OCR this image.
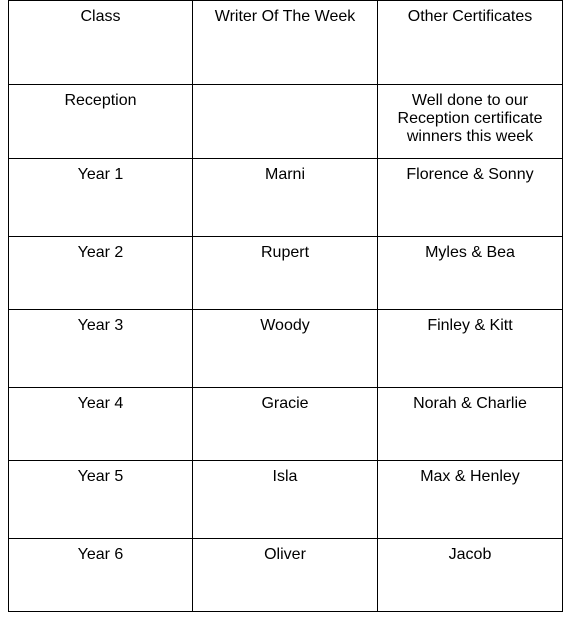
Class	Writer Of The Week	Other Certificates

Reception		Well done to our Reception certificate winners this week

Year 1	Marni	Florence & Sonny

Year 2	Rupert	Myles & Bea

Year 3	Woody	Finley & Kitt

Year 4	Gracie	Norah & Charlie

Year 5	Isla	Max & Henley

Year 6	Oliver	Jacob
